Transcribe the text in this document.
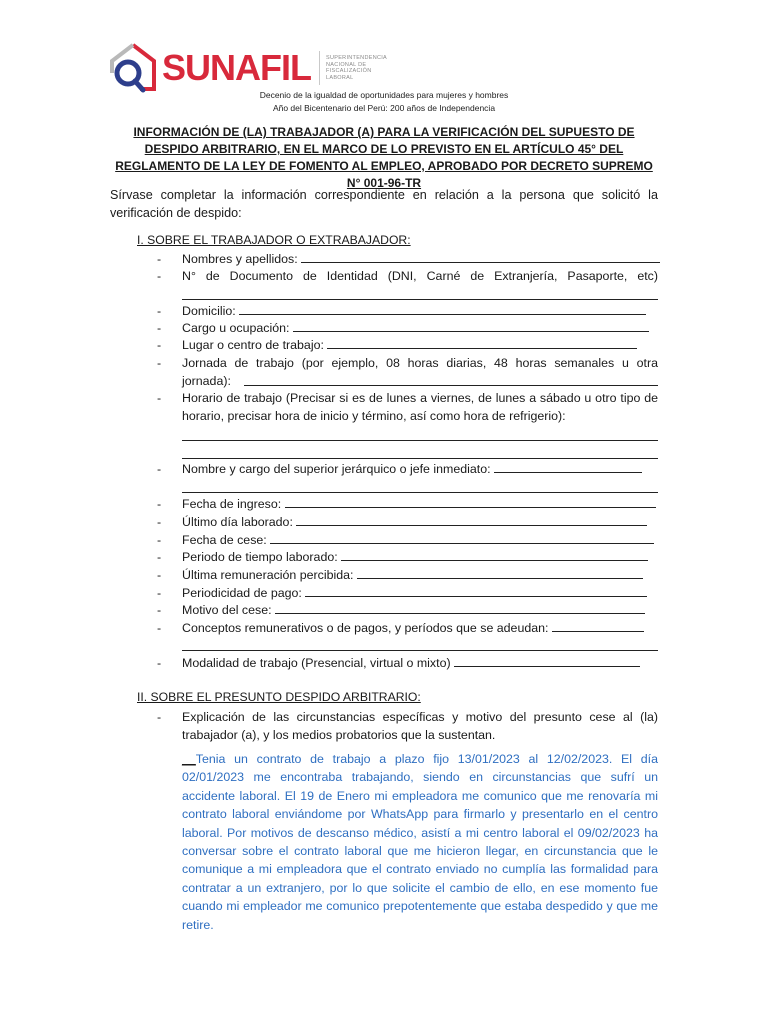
SUNAFIL	SUPERINTENDENCIA
NACIONAL DE
FISCALIZACIÓN
LABORAL
Decenio de la igualdad de oportunidades para mujeres y hombres
Año del Bicentenario del Perú: 200 años de Independencia
INFORMACIÓN DE (LA) TRABAJADOR (A) PARA LA VERIFICACIÓN DEL SUPUESTO DE DESPIDO ARBITRARIO, EN EL MARCO DE LO PREVISTO EN EL ARTÍCULO 45° DEL REGLAMENTO DE LA LEY DE FOMENTO AL EMPLEO, APROBADO POR DECRETO SUPREMO N° 001-96-TR
Sírvase completar la información correspondiente en relación a la persona que solicitó la verificación de despido:
I. SOBRE EL TRABAJADOR O EXTRABAJADOR:
- Nombres y apellidos:
- N° de Documento de Identidad (DNI, Carné de Extranjería, Pasaporte, etc)
- Domicilio:
- Cargo u ocupación:
- Lugar o centro de trabajo:
- Jornada de trabajo (por ejemplo, 08 horas diarias, 48 horas semanales u otra jornada):
- Horario de trabajo (Precisar si es de lunes a viernes, de lunes a sábado u otro tipo de horario, precisar hora de inicio y término, así como hora de refrigerio):
- Nombre y cargo del superior jerárquico o jefe inmediato:
- Fecha de ingreso:
- Último día laborado:
- Fecha de cese:
- Periodo de tiempo laborado:
- Última remuneración percibida:
- Periodicidad de pago:
- Motivo del cese:
- Conceptos remunerativos o de pagos, y períodos que se adeudan:
- Modalidad de trabajo (Presencial, virtual o mixto)
II. SOBRE EL PRESUNTO DESPIDO ARBITRARIO:
- Explicación de las circunstancias específicas y motivo del presunto cese al (la) trabajador (a), y los medios probatorios que la sustentan.
__Tenia un contrato de trabajo a plazo fijo 13/01/2023 al 12/02/2023. El día 02/01/2023 me encontraba trabajando, siendo en circunstancias que sufrí un accidente laboral. El 19 de Enero mi empleadora me comunico que me renovaría mi contrato laboral enviándome por WhatsApp para firmarlo y presentarlo en el centro laboral. Por motivos de descanso médico, asistí a mi centro laboral el 09/02/2023 ha conversar sobre el contrato laboral que me hicieron llegar, en circunstancia que le comunique a mi empleadora que el contrato enviado no cumplía las formalidad para contratar a un extranjero, por lo que solicite el cambio de ello, en ese momento fue cuando mi empleador me comunico prepotentemente que estaba despedido y que me retire.
